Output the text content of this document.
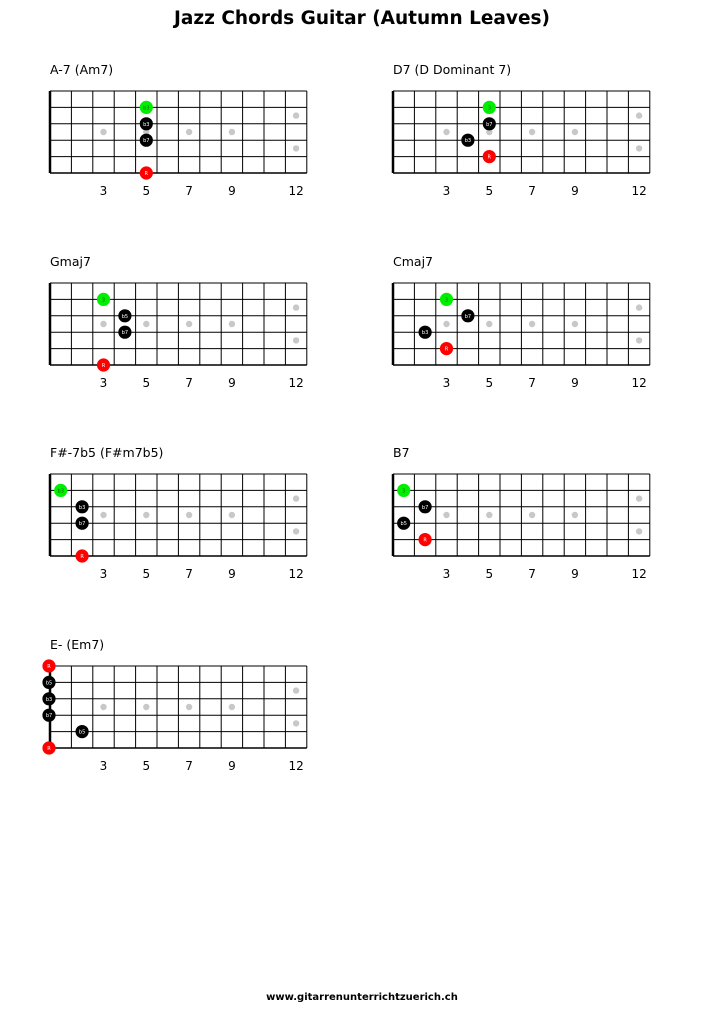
Jazz Chords Guitar (Autumn Leaves)
A-7 (Am7)
3	5	7	9	12
b3
b3
b7
R
D7 (D Dominant 7)
3	5	7	9	12
3
b7
b3
R
Gmaj7
3	5	7	9	12
3
b5
b7
R
Cmaj7
3	5	7	9	12
3
b7
b3
R
F#-7b5 (F#m7b5)
3	5	7	9	12
b3
b3
b7
R
B7
3	5	7	9	12
3
b7
b5
R
E- (Em7)
3	5	7	9	12
R
b5
b3
b7
b5
R
www.gitarrenunterrichtzuerich.ch
